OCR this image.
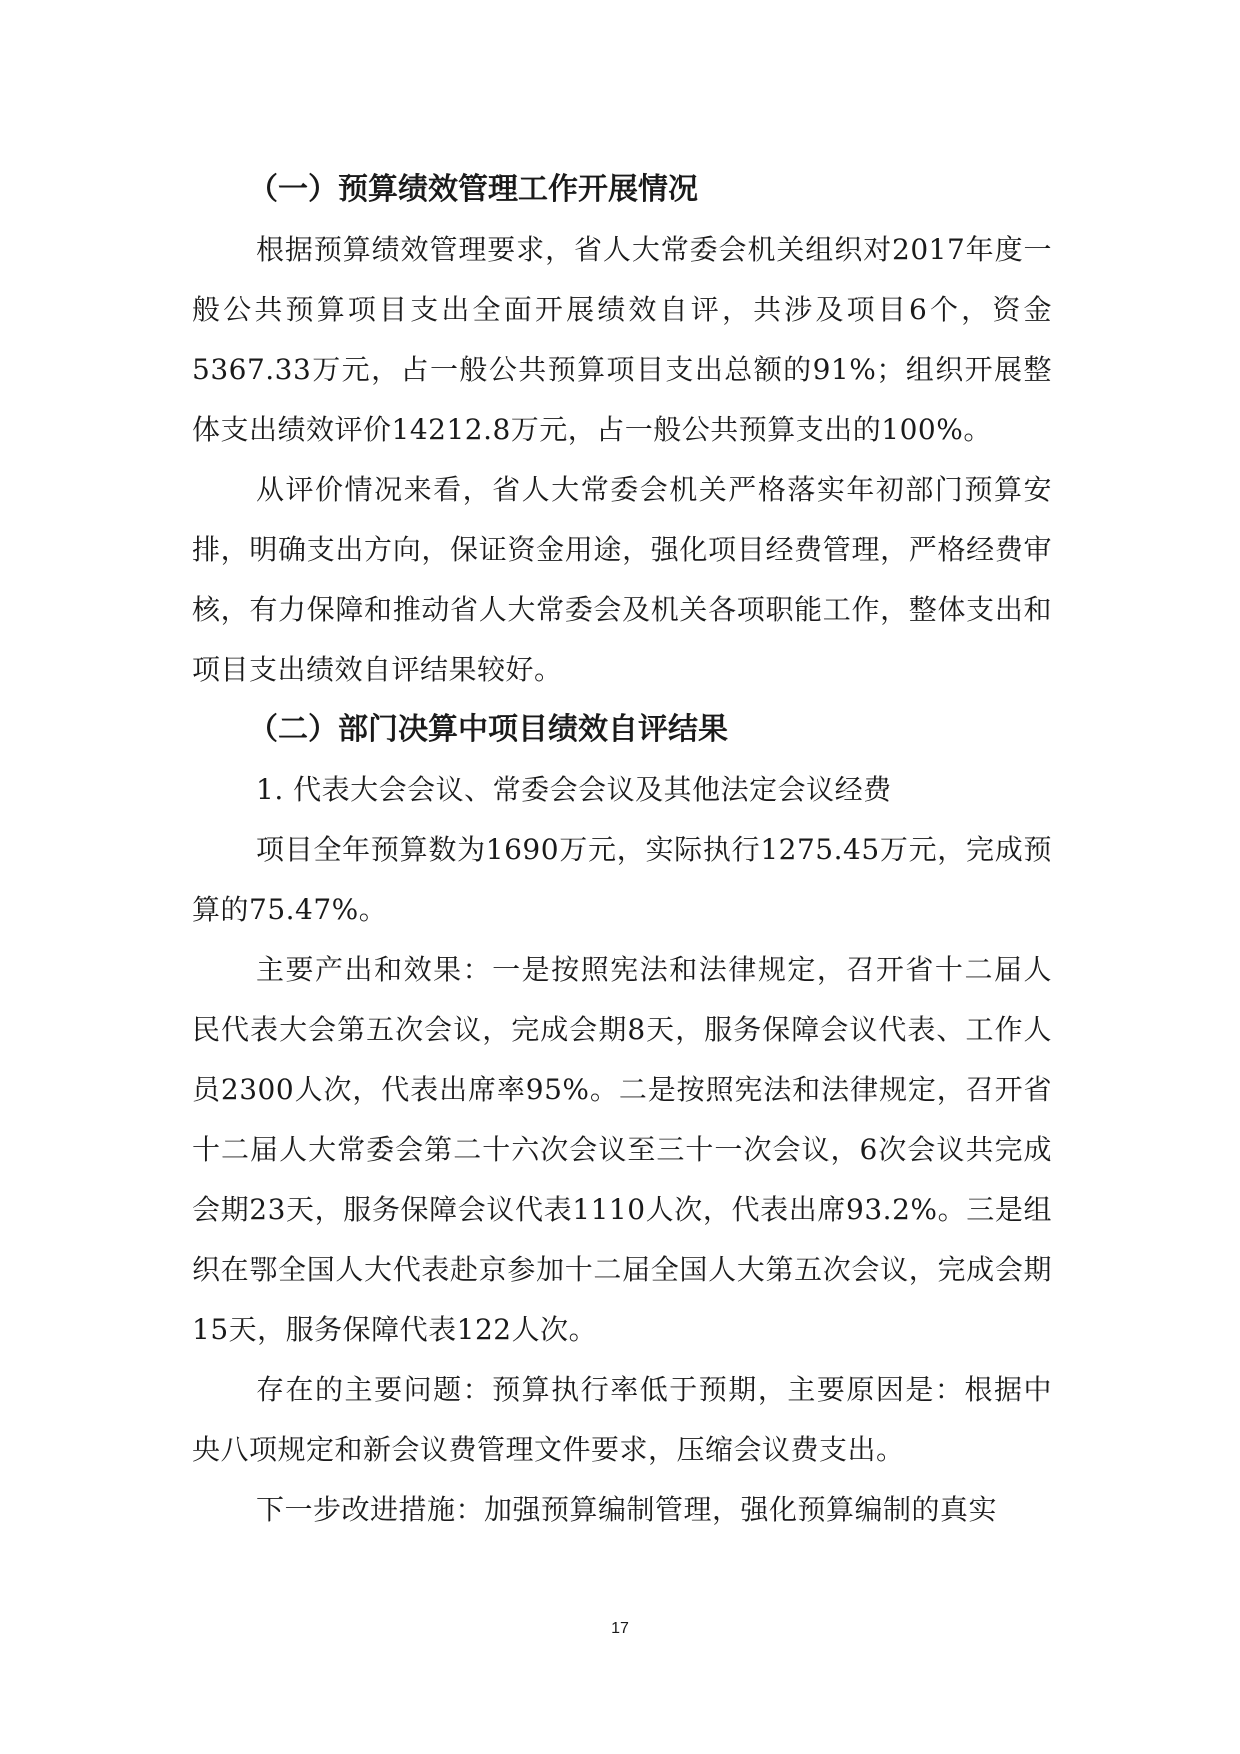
（一）预算绩效管理工作开展情况

根据预算绩效管理要求，省人大常委会机关组织对2017年度一般公共预算项目支出全面开展绩效自评，共涉及项目6个，资金5367.33万元，占一般公共预算项目支出总额的91%；组织开展整体支出绩效评价14212.8万元，占一般公共预算支出的100%。

从评价情况来看，省人大常委会机关严格落实年初部门预算安排，明确支出方向，保证资金用途，强化项目经费管理，严格经费审核，有力保障和推动省人大常委会及机关各项职能工作，整体支出和项目支出绩效自评结果较好。

（二）部门决算中项目绩效自评结果

1. 代表大会会议、常委会会议及其他法定会议经费

项目全年预算数为1690万元，实际执行1275.45万元，完成预算的75.47%。

主要产出和效果：一是按照宪法和法律规定，召开省十二届人民代表大会第五次会议，完成会期8天，服务保障会议代表、工作人员2300人次，代表出席率95%。二是按照宪法和法律规定，召开省十二届人大常委会第二十六次会议至三十一次会议，6次会议共完成会期23天，服务保障会议代表1110人次，代表出席93.2%。三是组织在鄂全国人大代表赴京参加十二届全国人大第五次会议，完成会期15天，服务保障代表122人次。

存在的主要问题：预算执行率低于预期，主要原因是：根据中央八项规定和新会议费管理文件要求，压缩会议费支出。

下一步改进措施：加强预算编制管理，强化预算编制的真实

17
